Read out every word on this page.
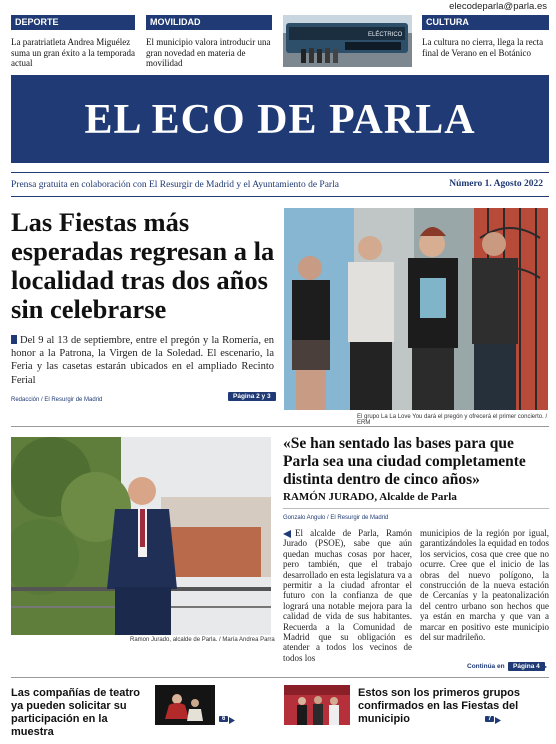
elecodeparla@parla.es
DEPORTE
La paratriatleta Andrea Miguélez suma un gran éxito a la temporada actual
MOVILIDAD
El municipio valora introducir una gran novedad en materia de movilidad
ELÉCTRICO
CULTURA
La cultura no cierra, llega la recta final de Verano en el Botánico
EL ECO DE PARLA
Prensa gratuita en colaboración con El Resurgir de Madrid y el Ayuntamiento de Parla	Número 1. Agosto 2022
Las Fiestas más esperadas regresan a la localidad tras dos años sin celebrarse
Del 9 al 13 de septiembre, entre el pregón y la Romería, en honor a la Patrona, la Virgen de la Soledad. El escenario, la Feria y las casetas estarán ubicados en el ampliado Recinto Ferial
Redacción / El Resurgir de Madrid	Página 2 y 3
El grupo La La Love You dará el pregón y ofrecerá el primer concierto. / ERM
Ramon Jurado, alcalde de Parla. / María Andrea Parra
«Se han sentado las bases para que Parla sea una ciudad completamente distinta dentro de cinco años»
RAMÓN JURADO, Alcalde de Parla
Gonzalo Angulo / El Resurgir de Madrid
El alcalde de Parla, Ramón Jurado (PSOE), sabe que aún quedan muchas cosas por hacer, pero también, que el trabajo desarrollado en esta legislatura va a permitir a la ciudad afrontar el futuro con la confianza de que logrará una notable mejora para la calidad de vida de sus habitantes. Recuerda a la Comunidad de Madrid que su obligación es atender a todos los vecinos de todos los
municipios de la región por igual, garantizándoles la equidad en todos los servicios, cosa que cree que no ocurre. Cree que el inicio de las obras del nuevo polígono, la construcción de la nueva estación de Cercanías y la peatonalización del centro urbano son hechos que ya están en marcha y que van a marcar en positivo este municipio del sur madrileño.
Continúa en	Página 4
Las compañías de teatro ya pueden solicitar su participación en la muestra
6
Estos son los primeros grupos confirmados en las Fiestas del municipio	7
